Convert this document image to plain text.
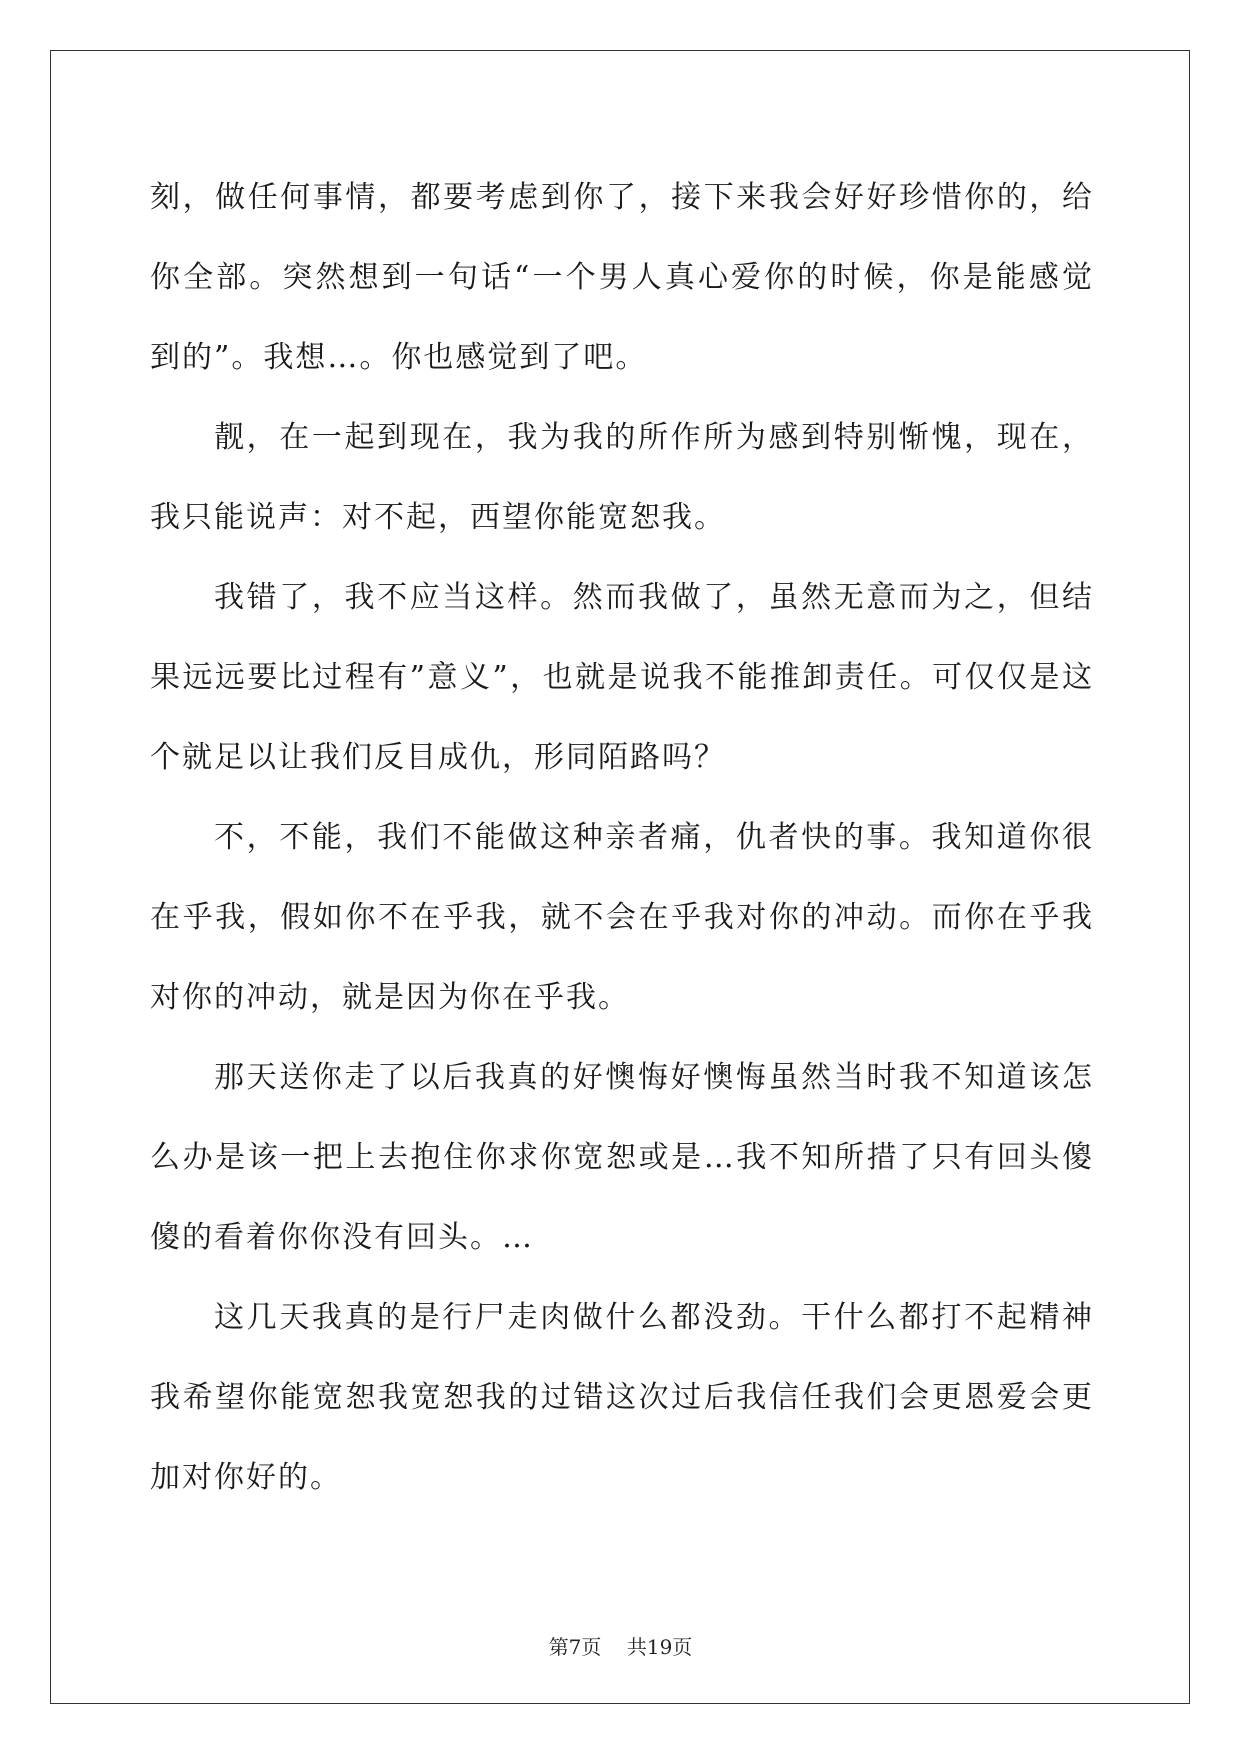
刻，做任何事情，都要考虑到你了，接下来我会好好珍惜你的，给你全部。突然想到一句话“一个男人真心爱你的时候，你是能感觉到的”。我想…。你也感觉到了吧。

靓，在一起到现在，我为我的所作所为感到特别惭愧，现在，我只能说声：对不起，西望你能宽恕我。

我错了，我不应当这样。然而我做了，虽然无意而为之，但结果远远要比过程有”意义”，也就是说我不能推卸责任。可仅仅是这个就足以让我们反目成仇，形同陌路吗？

不，不能，我们不能做这种亲者痛，仇者快的事。我知道你很在乎我，假如你不在乎我，就不会在乎我对你的冲动。而你在乎我对你的冲动，就是因为你在乎我。

那天送你走了以后我真的好懊悔好懊悔虽然当时我不知道该怎么办是该一把上去抱住你求你宽恕或是…我不知所措了只有回头傻傻的看着你你没有回头。…

这几天我真的是行尸走肉做什么都没劲。干什么都打不起精神我希望你能宽恕我宽恕我的过错这次过后我信任我们会更恩爱会更加对你好的。

第7页 共19页
